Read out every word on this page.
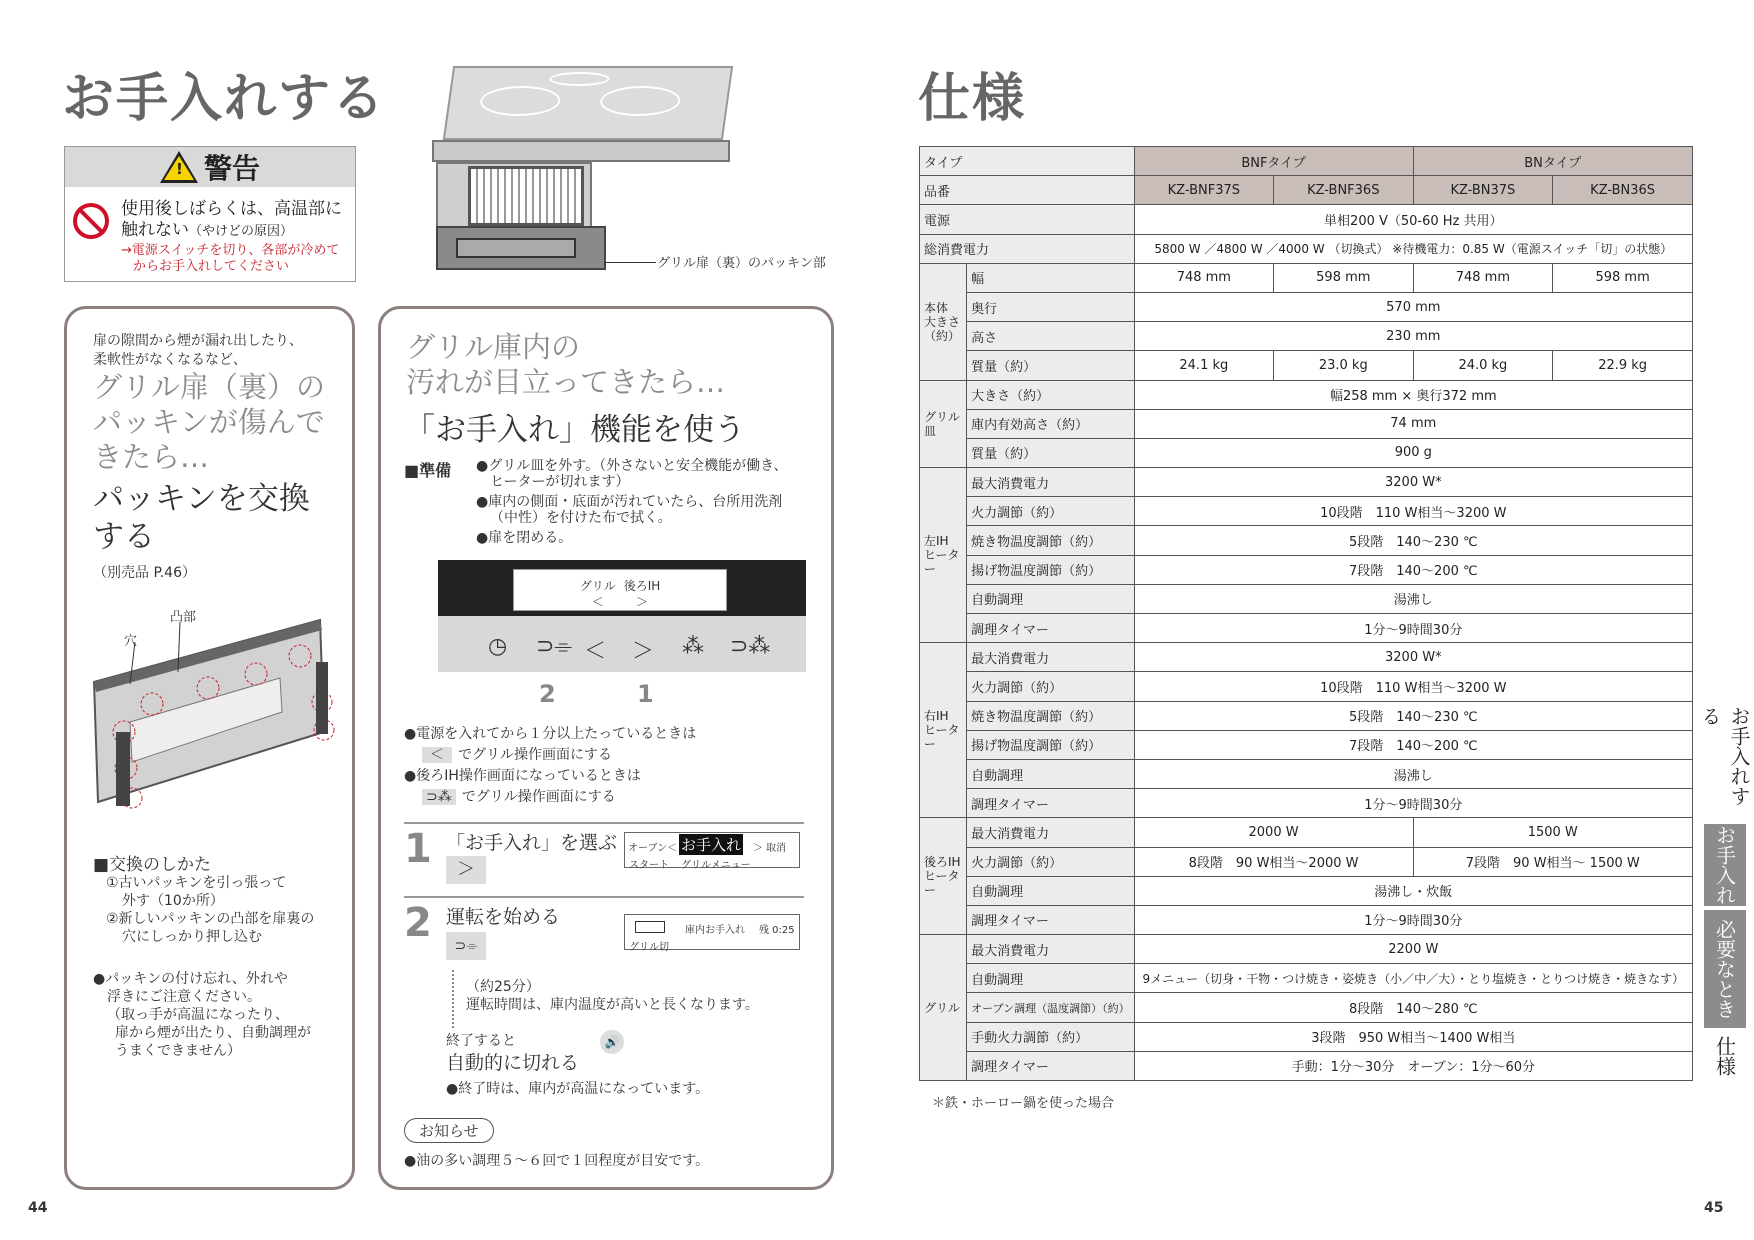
お手入れする
! 警告
使用後しばらくは、高温部に
触れない（やけどの原因）
→電源スイッチを切り、各部が冷めて
からお手入れしてください	グリル扉（裏）のパッキン部
扉の隙間から煙が漏れ出したり、
柔軟性がなくなるなど、
グリル扉（裏）の
パッキンが傷んで
きたら…
パッキンを交換
する
（別売品 P.46）
凸部
穴
■交換のしかた
①古いパッキンを引っ張って
外す（10か所）
②新しいパッキンの凸部を扉裏の
穴にしっかり押し込む
●パッキンの付け忘れ、外れや
浮きにご注意ください。
（取っ手が高温になったり、
扉から煙が出たり、自動調理が
うまくできません）
グリル庫内の
汚れが目立ってきたら…
「お手入れ」機能を使う
■準備 ●グリル皿を外す。（外さないと安全機能が働き、
ヒーターが切れます）
●庫内の側面・底面が汚れていたら、台所用洗剤
（中性）を付けた布で拭く。
●扉を閉める。
グリル
＜
後ろIH
＞
◷ ⊃⌯ ＜ ＞ ⁂ ⊃⁂
2	1
●電源を入れてから１分以上たっているときは
＜ でグリル操作画面にする
●後ろIH操作画面になっているときは
⊃⁂ でグリル操作画面にする
1 「お手入れ」を選ぶ
＞
オーブン＜ お手入れ ＞ 取消
スタート グリルメニュー
2 運転を始める
⊃⌯
庫内お手入れ 残 0:25
グリル切
（約25分）
運転時間は、庫内温度が高いと長くなります。
終了すると
自動的に切れる
🔊
●終了時は、庫内が高温になっています。
お知らせ
●油の多い調理５～６回で１回程度が目安です。
44
仕様
タイプ		BNFタイプ		BNタイプ	
品番		KZ-BNF37S	KZ-BNF36S	KZ-BN37S	KZ-BN36S
電源		単相200 V（50-60 Hz 共用）			
総消費電力		5800 W ／4800 W ／4000 W （切換式） ※待機電力：0.85 W（電源スイッチ「切」の状態）			
本体 大きさ （約）	幅	748 mm	598 mm	748 mm	598 mm
	奥行	570 mm			
	高さ	230 mm			
	質量（約）	24.1 kg	23.0 kg	24.0 kg	22.9 kg
グリル皿	大きさ（約）	幅258 mm × 奥行372 mm			
	庫内有効高さ（約）	74 mm			
	質量（約）	900 g			
左IH ヒーター	最大消費電力	3200 W*			
	火力調節（約）	10段階　110 W相当～3200 W			
	焼き物温度調節（約）	5段階　140～230 ℃			
	揚げ物温度調節（約）	7段階　140～200 ℃			
	自動調理	湯沸し			
	調理タイマー	1分～9時間30分			
右IH ヒーター	最大消費電力	3200 W*			
	火力調節（約）	10段階　110 W相当～3200 W			
	焼き物温度調節（約）	5段階　140～230 ℃			
	揚げ物温度調節（約）	7段階　140～200 ℃			
	自動調理	湯沸し			
	調理タイマー	1分～9時間30分			
後ろIH ヒーター	最大消費電力	2000 W		1500 W	
	火力調節（約）	8段階　90 W相当～2000 W		7段階　90 W相当～ 1500 W	
	自動調理	湯沸し・炊飯			
	調理タイマー	1分～9時間30分			
グリル	最大消費電力	2200 W			
	自動調理	9メニュー（切身・干物・つけ焼き・姿焼き（小／中／大）・とり塩焼き・とりつけ焼き・焼きなす）			
	オーブン調理（温度調節）（約）	8段階　140～280 ℃			
	手動火力調節（約）	3段階　950 W相当～1400 W相当			
	調理タイマー	手動：1分～30分　オーブン：1分～60分			
＊鉄・ホーロー鍋を使った場合
45
お手入れする
お手入れ
必要なとき
仕様
